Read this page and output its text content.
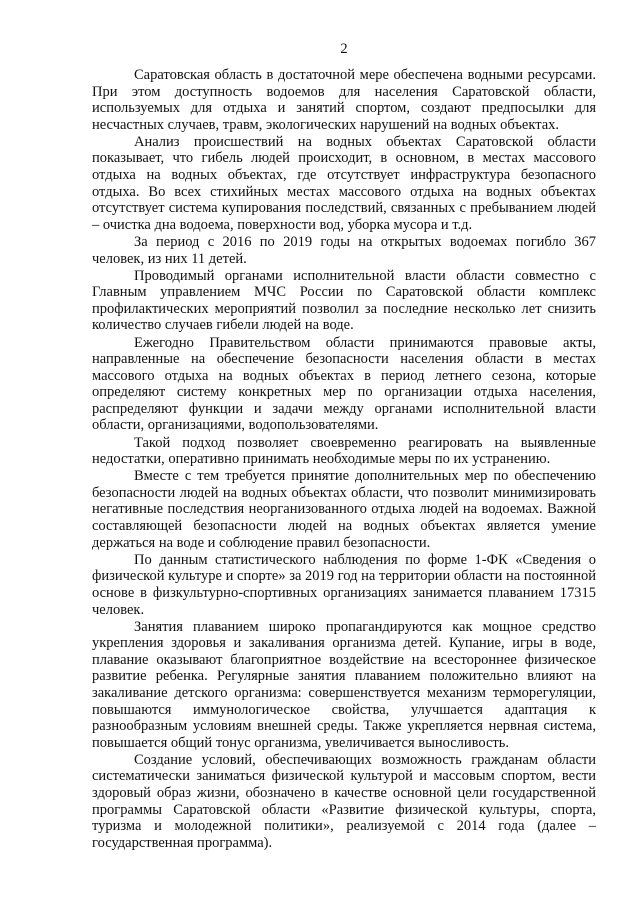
2

Саратовская область в достаточной мере обеспечена водными ресурсами. При этом доступность водоемов для населения Саратовской области, используемых для отдыха и занятий спортом, создают предпосылки для несчастных случаев, травм, экологических нарушений на водных объектах.

Анализ происшествий на водных объектах Саратовской области показывает, что гибель людей происходит, в основном, в местах массового отдыха на водных объектах, где отсутствует инфраструктура безопасного отдыха. Во всех стихийных местах массового отдыха на водных объектах отсутствует система купирования последствий, связанных с пребыванием людей – очистка дна водоема, поверхности вод, уборка мусора и т.д.

За период с 2016 по 2019 годы на открытых водоемах погибло 367 человек, из них 11 детей.

Проводимый органами исполнительной власти области совместно с Главным управлением МЧС России по Саратовской области комплекс профилактических мероприятий позволил за последние несколько лет снизить количество случаев гибели людей на воде.

Ежегодно Правительством области принимаются правовые акты, направленные на обеспечение безопасности населения области в местах массового отдыха на водных объектах в период летнего сезона, которые определяют систему конкретных мер по организации отдыха населения, распределяют функции и задачи между органами исполнительной власти области, организациями, водопользователями.

Такой подход позволяет своевременно реагировать на выявленные недостатки, оперативно принимать необходимые меры по их устранению.

Вместе с тем требуется принятие дополнительных мер по обеспечению безопасности людей на водных объектах области, что позволит минимизировать негативные последствия неорганизованного отдыха людей на водоемах. Важной составляющей безопасности людей на водных объектах является умение держаться на воде и соблюдение правил безопасности.

По данным статистического наблюдения по форме 1-ФК «Сведения о физической культуре и спорте» за 2019 год на территории области на постоянной основе в физкультурно-спортивных организациях занимается плаванием 17315 человек.

Занятия плаванием широко пропагандируются как мощное средство укрепления здоровья и закаливания организма детей. Купание, игры в воде, плавание оказывают благоприятное воздействие на всестороннее физическое развитие ребенка. Регулярные занятия плаванием положительно влияют на закаливание детского организма: совершенствуется механизм терморегуляции, повышаются иммунологическое свойства, улучшается адаптация к разнообразным условиям внешней среды. Также укрепляется нервная система, повышается общий тонус организма, увеличивается выносливость.

Создание условий, обеспечивающих возможность гражданам области систематически заниматься физической культурой и массовым спортом, вести здоровый образ жизни, обозначено в качестве основной цели государственной программы Саратовской области «Развитие физической культуры, спорта, туризма и молодежной политики», реализуемой с 2014 года (далее – государственная программа).
